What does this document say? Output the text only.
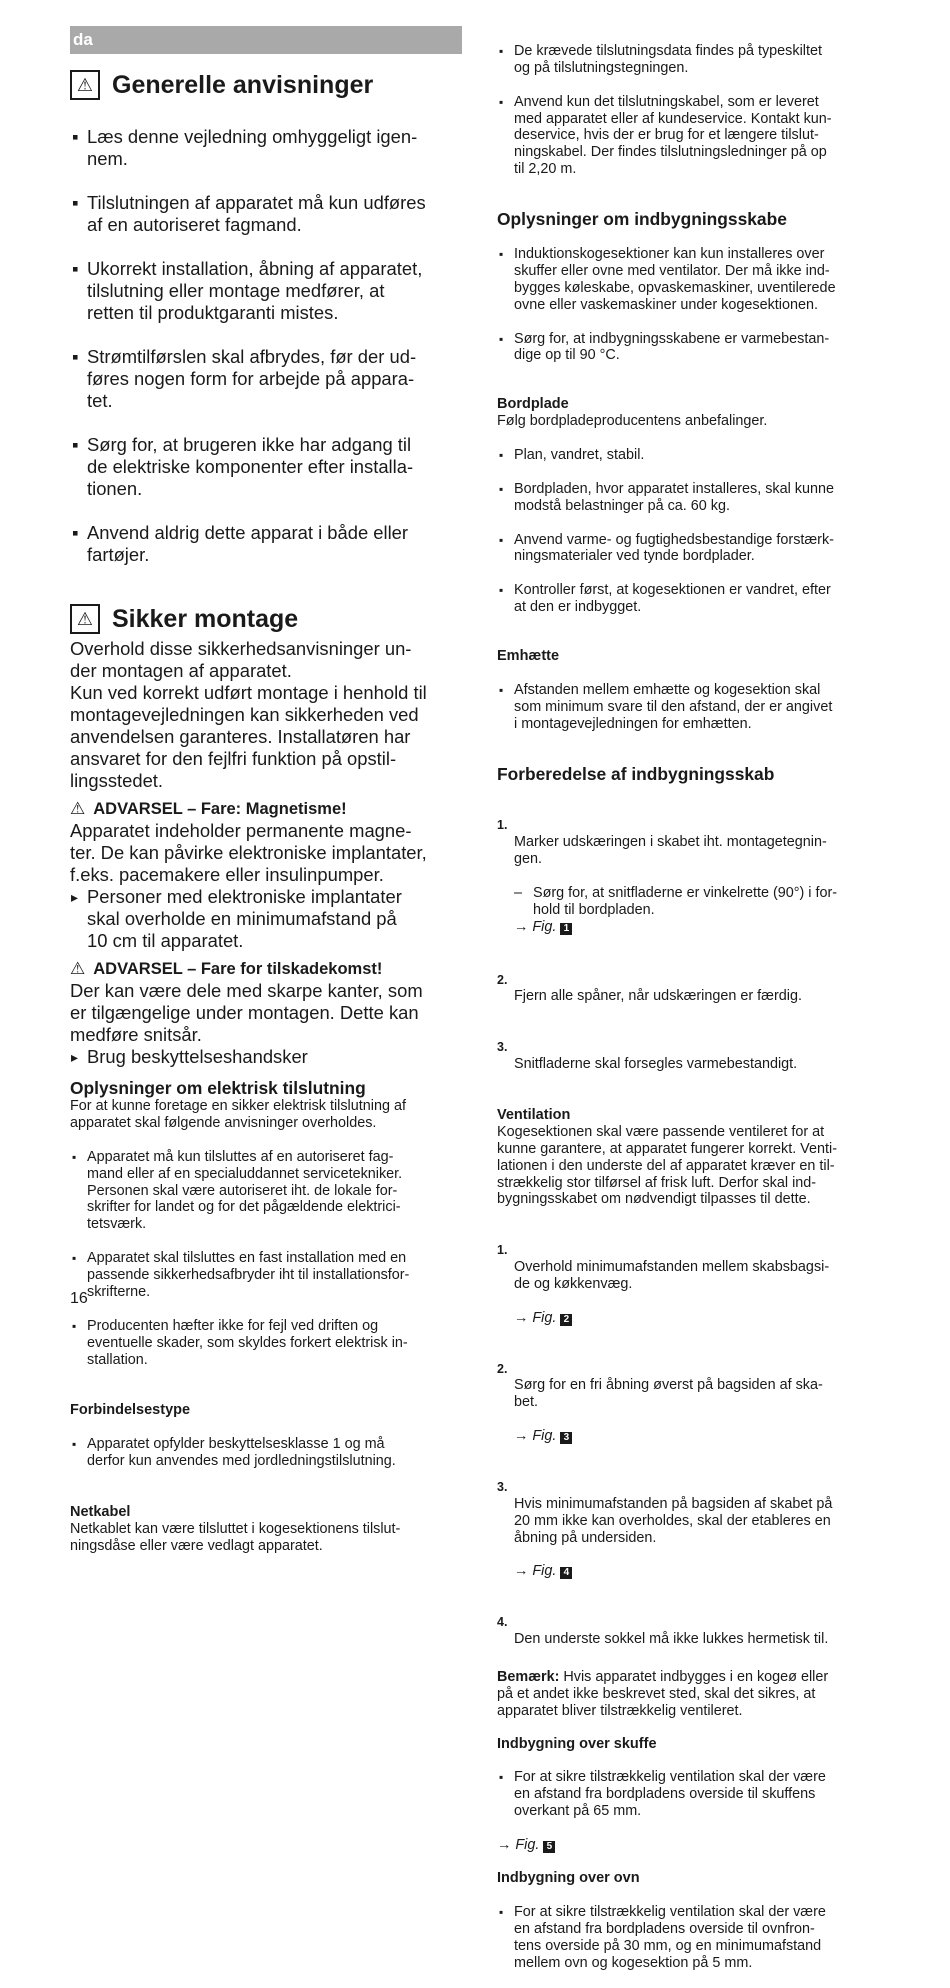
da
⚠ Generelle anvisninger

▪ Læs denne vejledning omhyggeligt igen-
nem.

▪ Tilslutningen af apparatet må kun udføres
af en autoriseret fagmand.

▪ Ukorrekt installation, åbning af apparatet,
tilslutning eller montage medfører, at
retten til produktgaranti mistes.

▪ Strømtilførslen skal afbrydes, før der ud-
føres nogen form for arbejde på appara-
tet.

▪ Sørg for, at brugeren ikke har adgang til
de elektriske komponenter efter installa-
tionen.

▪ Anvend aldrig dette apparat i både eller
fartøjer.

⚠ Sikker montage
Overhold disse sikkerhedsanvisninger un-
der montagen af apparatet.
Kun ved korrekt udført montage i henhold til
montagevejledningen kan sikkerheden ved
anvendelsen garanteres. Installatøren har
ansvaret for den fejlfri funktion på opstil-
lingsstedet.
⚠ ADVARSEL – Fare: Magnetisme!
Apparatet indeholder permanente magne-
ter. De kan påvirke elektroniske implantater,
f.eks. pacemakere eller insulinpumper.
▸ Personer med elektroniske implantater
skal overholde en minimumafstand på
10 cm til apparatet.
⚠ ADVARSEL – Fare for tilskadekomst!
Der kan være dele med skarpe kanter, som
er tilgængelige under montagen. Dette kan
medføre snitsår.
▸ Brug beskyttelseshandsker
Oplysninger om elektrisk tilslutning
For at kunne foretage en sikker elektrisk tilslutning af
apparatet skal følgende anvisninger overholdes.

▪ Apparatet må kun tilsluttes af en autoriseret fag-
mand eller af en specialuddannet servicetekniker.
Personen skal være autoriseret iht. de lokale for-
skrifter for landet og for det pågældende elektrici-
tetsværk.

▪ Apparatet skal tilsluttes en fast installation med en
passende sikkerhedsafbryder iht til installationsfor-
skrifterne.

▪ Producenten hæfter ikke for fejl ved driften og
eventuelle skader, som skyldes forkert elektrisk in-
stallation.

Forbindelsestype

▪ Apparatet opfylder beskyttelsesklasse 1 og må
derfor kun anvendes med jordledningstilslutning.

Netkabel
Netkablet kan være tilsluttet i kogesektionens tilslut-
ningsdåse eller være vedlagt apparatet.

▪ De krævede tilslutningsdata findes på typeskiltet
og på tilslutningstegningen.

▪ Anvend kun det tilslutningskabel, som er leveret
med apparatet eller af kundeservice. Kontakt kun-
deservice, hvis der er brug for et længere tilslut-
ningskabel. Der findes tilslutningsledninger på op
til 2,20 m.

Oplysninger om indbygningsskabe

▪ Induktionskogesektioner kan kun installeres over
skuffer eller ovne med ventilator. Der må ikke ind-
bygges køleskabe, opvaskemaskiner, uventilerede
ovne eller vaskemaskiner under kogesektionen.

▪ Sørg for, at indbygningsskabene er varmebestan-
dige op til 90 °C.

Bordplade
Følg bordpladeproducentens anbefalinger.

▪ Plan, vandret, stabil.

▪ Bordpladen, hvor apparatet installeres, skal kunne
modstå belastninger på ca. 60 kg.

▪ Anvend varme- og fugtighedsbestandige forstærk-
ningsmaterialer ved tynde bordplader.

▪ Kontroller først, at kogesektionen er vandret, efter
at den er indbygget.

Emhætte

▪ Afstanden mellem emhætte og kogesektion skal
som minimum svare til den afstand, der er angivet
i montagevejledningen for emhætten.

Forberedelse af indbygningsskab

1.

Marker udskæringen i skabet iht. montagetegnin-
gen.

– Sørg for, at snitfladerne er vinkelrette (90°) i for-
hold til bordpladen.
→ Fig. 1

2.

Fjern alle spåner, når udskæringen er færdig.

3.

Snitfladerne skal forsegles varmebestandigt.

Ventilation
Kogesektionen skal være passende ventileret for at
kunne garantere, at apparatet fungerer korrekt. Venti-
lationen i den underste del af apparatet kræver en til-
strækkelig stor tilførsel af frisk luft. Derfor skal ind-
bygningsskabet om nødvendigt tilpasses til dette.

1.

Overhold minimumafstanden mellem skabsbagsi-
de og køkkenvæg.

→ Fig. 2

2.

Sørg for en fri åbning øverst på bagsiden af ska-
bet.

→ Fig. 3

3.

Hvis minimumafstanden på bagsiden af skabet på
20 mm ikke kan overholdes, skal der etableres en
åbning på undersiden.

→ Fig. 4

4.

Den underste sokkel må ikke lukkes hermetisk til.

Bemærk: Hvis apparatet indbygges i en kogeø eller
på et andet ikke beskrevet sted, skal det sikres, at
apparatet bliver tilstrækkelig ventileret.
Indbygning over skuffe

▪ For at sikre tilstrækkelig ventilation skal der være
en afstand fra bordpladens overside til skuffens
overkant på 65 mm.

→ Fig. 5
Indbygning over ovn

▪ For at sikre tilstrækkelig ventilation skal der være
en afstand fra bordpladens overside til ovnfron-
tens overside på 30 mm, og en minimumafstand
mellem ovn og kogesektion på 5 mm.

16
